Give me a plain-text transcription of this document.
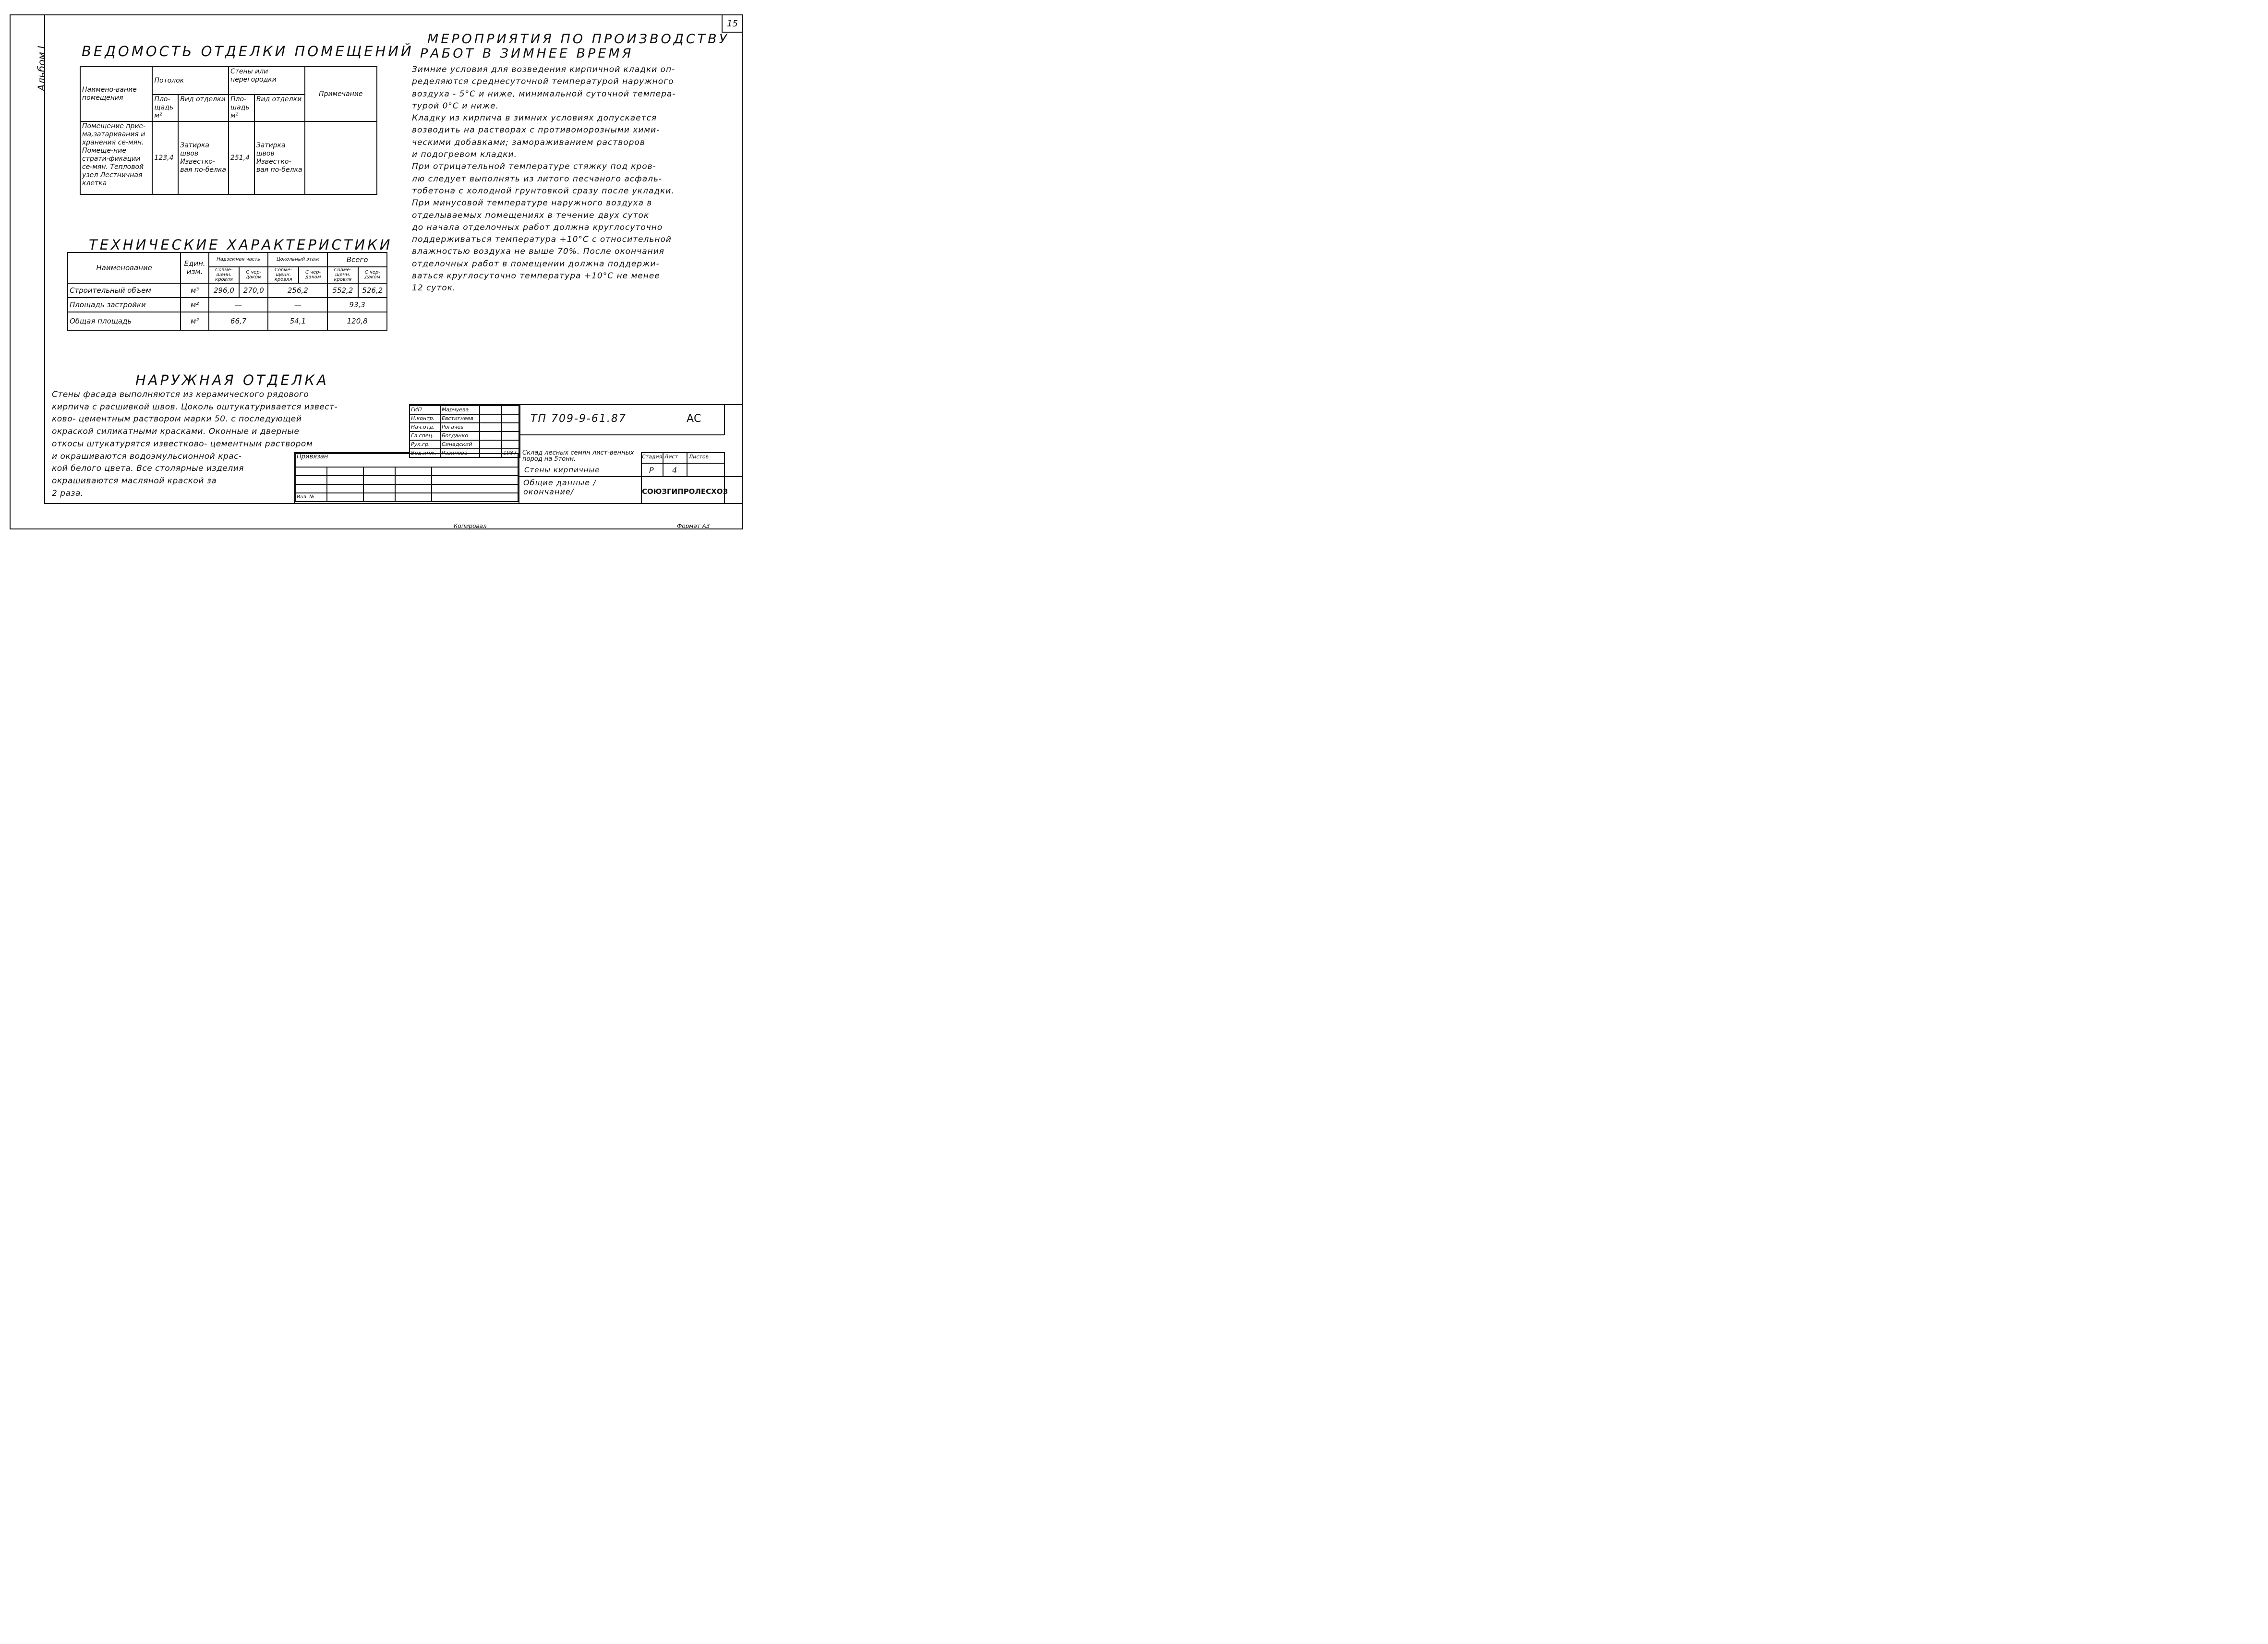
15
Альбом I ВЕДОМОСТЬ ОТДЕЛКИ ПОМЕЩЕНИЙ
Наимено-вание помещения	Потолок		Стены или перегородки		Примечание
	Пло-щадь м²	Вид отделки	Пло-щадь м²	Вид отделки	
Помещение прие-ма,затаривания и хранения се-мян. Помеще-ние страти-фикации се-мян. Тепловой узел Лестничная клетка	123,4	Затирка швов Известко-вая по-белка	251,4	Затирка швов Известко-вая по-белка	
ТЕХНИЧЕСКИЕ ХАРАКТЕРИСТИКИ
Наименование	Един. изм.	Надземная часть		Цокольный этаж		Всего	
		Совме-щенн. кровля	С чер-даком	Совме-щенн. кровля	С чер-даком	Совме-щенн. кровля	С чер-даком
Строительный объем	м³	296,0	270,0	256,2		552,2	526,2
Площадь застройки	м²	—		—		93,3	
Общая площадь	м²	66,7		54,1		120,8	
МЕРОПРИЯТИЯ ПО ПРОИЗВОДСТВУ
РАБОТ В ЗИМНЕЕ ВРЕМЯ
Зимние условия для возведения кирпичной кладки оп-
ределяются среднесуточной температурой наружного
воздуха - 5°С и ниже, минимальной суточной темпера-
турой 0°С и ниже.
Кладку из кирпича в зимних условиях допускается
возводить на растворах с противоморозными хими-
ческими добавками; замораживанием растворов
и подогревом кладки.
При отрицательной температуре стяжку под кров-
лю следует выполнять из литого песчаного асфаль-
тобетона с холодной грунтовкой сразу после укладки.
При минусовой температуре наружного воздуха в
отделываемых помещениях в течение двух суток
до начала отделочных работ должна круглосуточно
поддерживаться температура +10°С с относительной
влажностью воздуха не выше 70%. После окончания
отделочных работ в помещении должна поддержи-
ваться круглосуточно температура +10°С не менее
12 суток.
НАРУЖНАЯ ОТДЕЛКА
Стены фасада выполняются из керамического рядового
кирпича с расшивкой швов. Цоколь оштукатуривается извест-
ково- цементным раствором марки 50. с последующей
окраской силикатными красками. Оконные и дверные
откосы штукатурятся известково- цементным раствором
и окрашиваются водоэмульсионной крас-
кой белого цвета. Все столярные изделия
окрашиваются масляной краской за
2 раза.
ГИП	Марчуева		
Н.контр.	Евстигнеев		
Нач.отд.	Рогачев		
Гл.спец.	Богданко		
Рук.гр.	Синадский		
Вед.инж.	Разинова		1987
Привязан				

Инв. №				
ТП 709-9-61.87	АС
Склад лесных семян лист-венных пород на 5тонн.
Стены кирпичные
Общие данные /окончание/
Стадия Лист Листов
Р 4
СОЮЗГИПРОЛЕСХОЗ
Копировал	Формат А3
